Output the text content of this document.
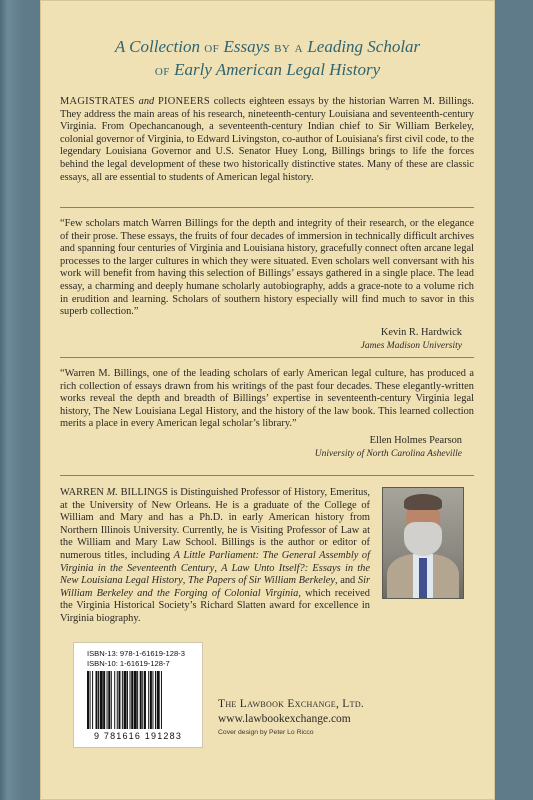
A Collection of Essays by a Leading Scholar
of Early American Legal History
MAGISTRATES and PIONEERS collects eighteen essays by the historian Warren M. Billings. They address the main areas of his research, nineteenth-century Louisiana and seventeenth-century Virginia. From Opechancanough, a seventeenth-century Indian chief to Sir William Berkeley, colonial governor of Virginia, to Edward Livingston, co-author of Louisiana's first civil code, to the legendary Louisiana Governor and U.S. Senator Huey Long, Billings brings to life the forces behind the legal development of these two historically distinctive states. Many of these are classic essays, all are essential to students of American legal history.
“Few scholars match Warren Billings for the depth and integrity of their research, or the elegance of their prose. These essays, the fruits of four decades of immersion in technically difficult archives and spanning four centuries of Virginia and Louisiana history, gracefully connect often arcane legal processes to the larger cultures in which they were situated. Even scholars well conversant with his work will benefit from having this selection of Billings’ essays gathered in a single place. The lead essay, a charming and deeply humane scholarly autobiography, adds a grace-note to a volume rich in erudition and learning. Scholars of southern history especially will find much to savor in this superb collection.”
Kevin R. Hardwick
James Madison University
“Warren M. Billings, one of the leading scholars of early American legal culture, has produced a rich collection of essays drawn from his writings of the past four decades. These elegantly-written works reveal the depth and breadth of Billings’ expertise in seventeenth-century Virginia legal history, The New Louisiana Legal History, and the history of the law book. This learned collection merits a place in every American legal scholar’s library.”
Ellen Holmes Pearson
University of North Carolina Asheville
WARREN M. BILLINGS is Distinguished Professor of History, Emeritus, at the University of New Orleans. He is a graduate of the College of William and Mary and has a Ph.D. in early American history from Northern Illinois University. Currently, he is Visiting Professor of Law at the William and Mary Law School. Billings is the author or editor of numerous titles, including A Little Parliament: The General Assembly of Virginia in the Seventeenth Century, A Law Unto Itself?: Essays in the New Louisiana Legal History, The Papers of Sir William Berkeley, and Sir William Berkeley and the Forging of Colonial Virginia, which received the Virginia Historical Society’s Richard Slatten award for excellence in Virginia biography.
ISBN-13: 978-1-61619-128-3
ISBN-10: 1-61619-128-7
9 781616 191283
The Lawbook Exchange, Ltd.
www.lawbookexchange.com
Cover design by Peter Lo Ricco
